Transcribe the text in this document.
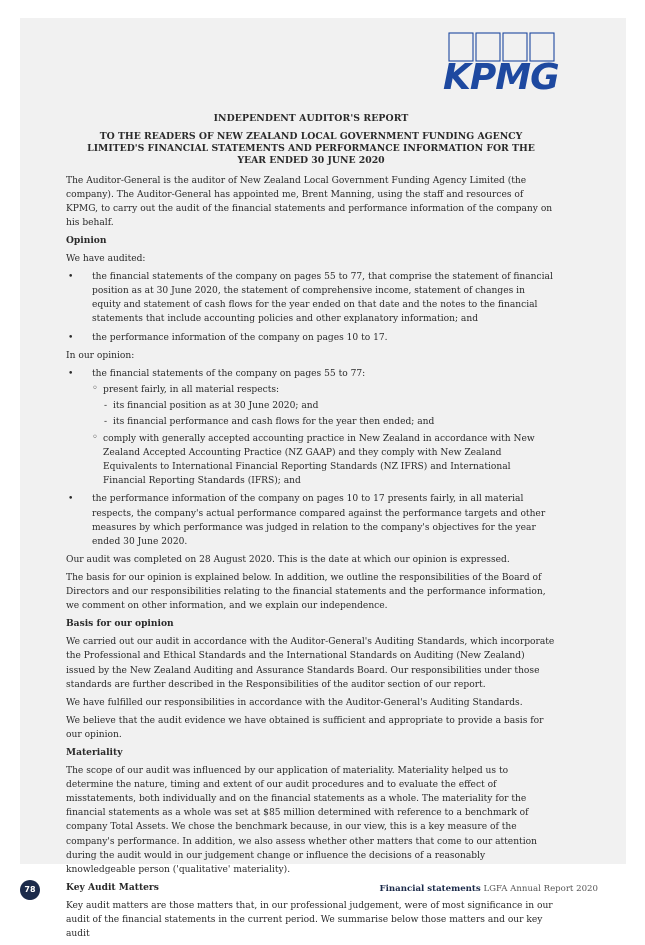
KPMG
INDEPENDENT AUDITOR'S REPORT
TO THE READERS OF NEW ZEALAND LOCAL GOVERNMENT FUNDING AGENCY LIMITED'S FINANCIAL STATEMENTS AND PERFORMANCE INFORMATION FOR THE YEAR ENDED 30 JUNE 2020

The Auditor-General is the auditor of New Zealand Local Government Funding Agency Limited (the company). The Auditor-General has appointed me, Brent Manning, using the staff and resources of KPMG, to carry out the audit of the financial statements and performance information of the company on his behalf.

Opinion

We have audited:

• the financial statements of the company on pages 55 to 77, that comprise the statement of financial position as at 30 June 2020, the statement of comprehensive income, statement of changes in equity and statement of cash flows for the year ended on that date and the notes to the financial statements that include accounting policies and other explanatory information; and
• the performance information of the company on pages 10 to 17.

In our opinion:

• the financial statements of the company on pages 55 to 77:
◦ present fairly, in all material respects:
- its financial position as at 30 June 2020; and
- its financial performance and cash flows for the year then ended; and
◦ comply with generally accepted accounting practice in New Zealand in accordance with New Zealand Accepted Accounting Practice (NZ GAAP) and they comply with New Zealand Equivalents to International Financial Reporting Standards (NZ IFRS) and International Financial Reporting Standards (IFRS); and
• the performance information of the company on pages 10 to 17 presents fairly, in all material respects, the company's actual performance compared against the performance targets and other measures by which performance was judged in relation to the company's objectives for the year ended 30 June 2020.

Our audit was completed on 28 August 2020. This is the date at which our opinion is expressed.

The basis for our opinion is explained below. In addition, we outline the responsibilities of the Board of Directors and our responsibilities relating to the financial statements and the performance information, we comment on other information, and we explain our independence.

Basis for our opinion

We carried out our audit in accordance with the Auditor-General's Auditing Standards, which incorporate the Professional and Ethical Standards and the International Standards on Auditing (New Zealand) issued by the New Zealand Auditing and Assurance Standards Board. Our responsibilities under those standards are further described in the Responsibilities of the auditor section of our report.

We have fulfilled our responsibilities in accordance with the Auditor-General's Auditing Standards.

We believe that the audit evidence we have obtained is sufficient and appropriate to provide a basis for our opinion.

Materiality

The scope of our audit was influenced by our application of materiality. Materiality helped us to determine the nature, timing and extent of our audit procedures and to evaluate the effect of misstatements, both individually and on the financial statements as a whole. The materiality for the financial statements as a whole was set at $85 million determined with reference to a benchmark of company Total Assets. We chose the benchmark because, in our view, this is a key measure of the company's performance. In addition, we also assess whether other matters that come to our attention during the audit would in our judgement change or influence the decisions of a reasonably knowledgeable person ('qualitative' materiality).

Key Audit Matters

Key audit matters are those matters that, in our professional judgement, were of most significance in our audit of the financial statements in the current period. We summarise below those matters and our key audit

78	Financial statements LGFA Annual Report 2020
